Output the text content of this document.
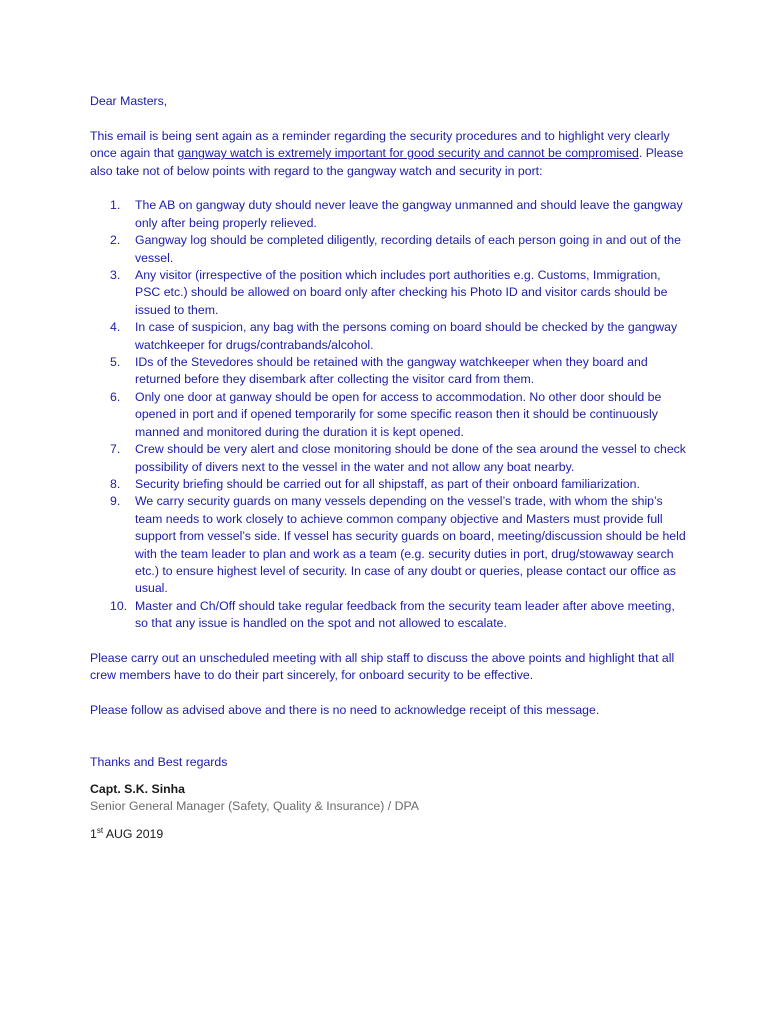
Dear Masters,

This email is being sent again as a reminder regarding the security procedures and to highlight very clearly once again that gangway watch is extremely important for good security and cannot be compromised. Please also take not of below points with regard to the gangway watch and security in port:

1.	The AB on gangway duty should never leave the gangway unmanned and should leave the gangway only after being properly relieved.
2.	Gangway log should be completed diligently, recording details of each person going in and out of the vessel.
3.	Any visitor (irrespective of the position which includes port authorities e.g. Customs, Immigration, PSC etc.) should be allowed on board only after checking his Photo ID and visitor cards should be issued to them.
4.	In case of suspicion, any bag with the persons coming on board should be checked by the gangway watchkeeper for drugs/contrabands/alcohol.
5.	IDs of the Stevedores should be retained with the gangway watchkeeper when they board and returned before they disembark after collecting the visitor card from them.
6.	Only one door at ganway should be open for access to accommodation. No other door should be opened in port and if opened temporarily for some specific reason then it should be continuously manned and monitored during the duration it is kept opened.
7.	Crew should be very alert and close monitoring should be done of the sea around the vessel to check possibility of divers next to the vessel in the water and not allow any boat nearby.
8.	Security briefing should be carried out for all shipstaff, as part of their onboard familiarization.
9.	We carry security guards on many vessels depending on the vessel’s trade, with whom the ship’s team needs to work closely to achieve common company objective and Masters must provide full support from vessel’s side. If vessel has security guards on board, meeting/discussion should be held with the team leader to plan and work as a team (e.g. security duties in port, drug/stowaway search etc.) to ensure highest level of security. In case of any doubt or queries, please contact our office as usual.
10. Master and Ch/Off should take regular feedback from the security team leader after above meeting, so that any issue is handled on the spot and not allowed to escalate.

Please carry out an unscheduled meeting with all ship staff to discuss the above points and highlight that all crew members have to do their part sincerely, for onboard security to be effective.

Please follow as advised above and there is no need to acknowledge receipt of this message.

Thanks and Best regards

Capt. S.K. Sinha

Senior General Manager (Safety, Quality & Insurance) / DPA

1st AUG 2019
